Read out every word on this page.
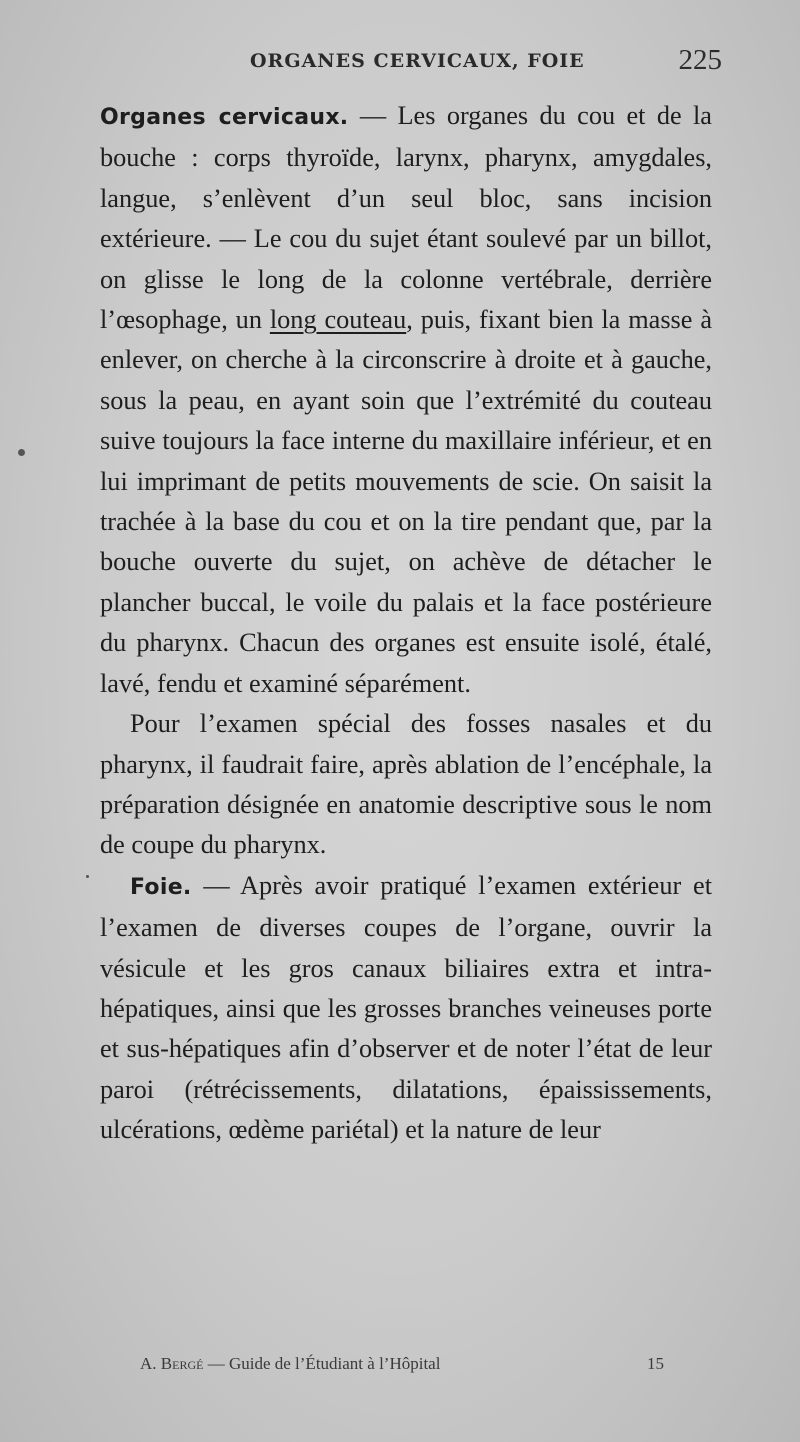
ORGANES CERVICAUX, FOIE	225

Organes cervicaux. — Les organes du cou et de la bouche : corps thyroïde, larynx, pharynx, amygdales, langue, s’enlèvent d’un seul bloc, sans incision extérieure. — Le cou du sujet étant soulevé par un billot, on glisse le long de la colonne vertébrale, derrière l’œsophage, un long couteau, puis, fixant bien la masse à enlever, on cherche à la circonscrire à droite et à gauche, sous la peau, en ayant soin que l’extrémité du couteau suive toujours la face interne du maxillaire inférieur, et en lui imprimant de petits mouvements de scie. On saisit la trachée à la base du cou et on la tire pendant que, par la bouche ouverte du sujet, on achève de détacher le plancher buccal, le voile du palais et la face postérieure du pharynx. Chacun des organes est ensuite isolé, étalé, lavé, fendu et examiné séparément.

Pour l’examen spécial des fosses nasales et du pharynx, il faudrait faire, après ablation de l’encéphale, la préparation désignée en anatomie descriptive sous le nom de coupe du pharynx.

Foie. — Après avoir pratiqué l’examen extérieur et l’examen de diverses coupes de l’organe, ouvrir la vésicule et les gros canaux biliaires extra et intra-hépatiques, ainsi que les grosses branches veineuses porte et sus-hépatiques afin d’observer et de noter l’état de leur paroi (rétrécissements, dilatations, épaississements, ulcérations, œdème pariétal) et la nature de leur

A. Bergé — Guide de l’Étudiant à l’Hôpital	15
